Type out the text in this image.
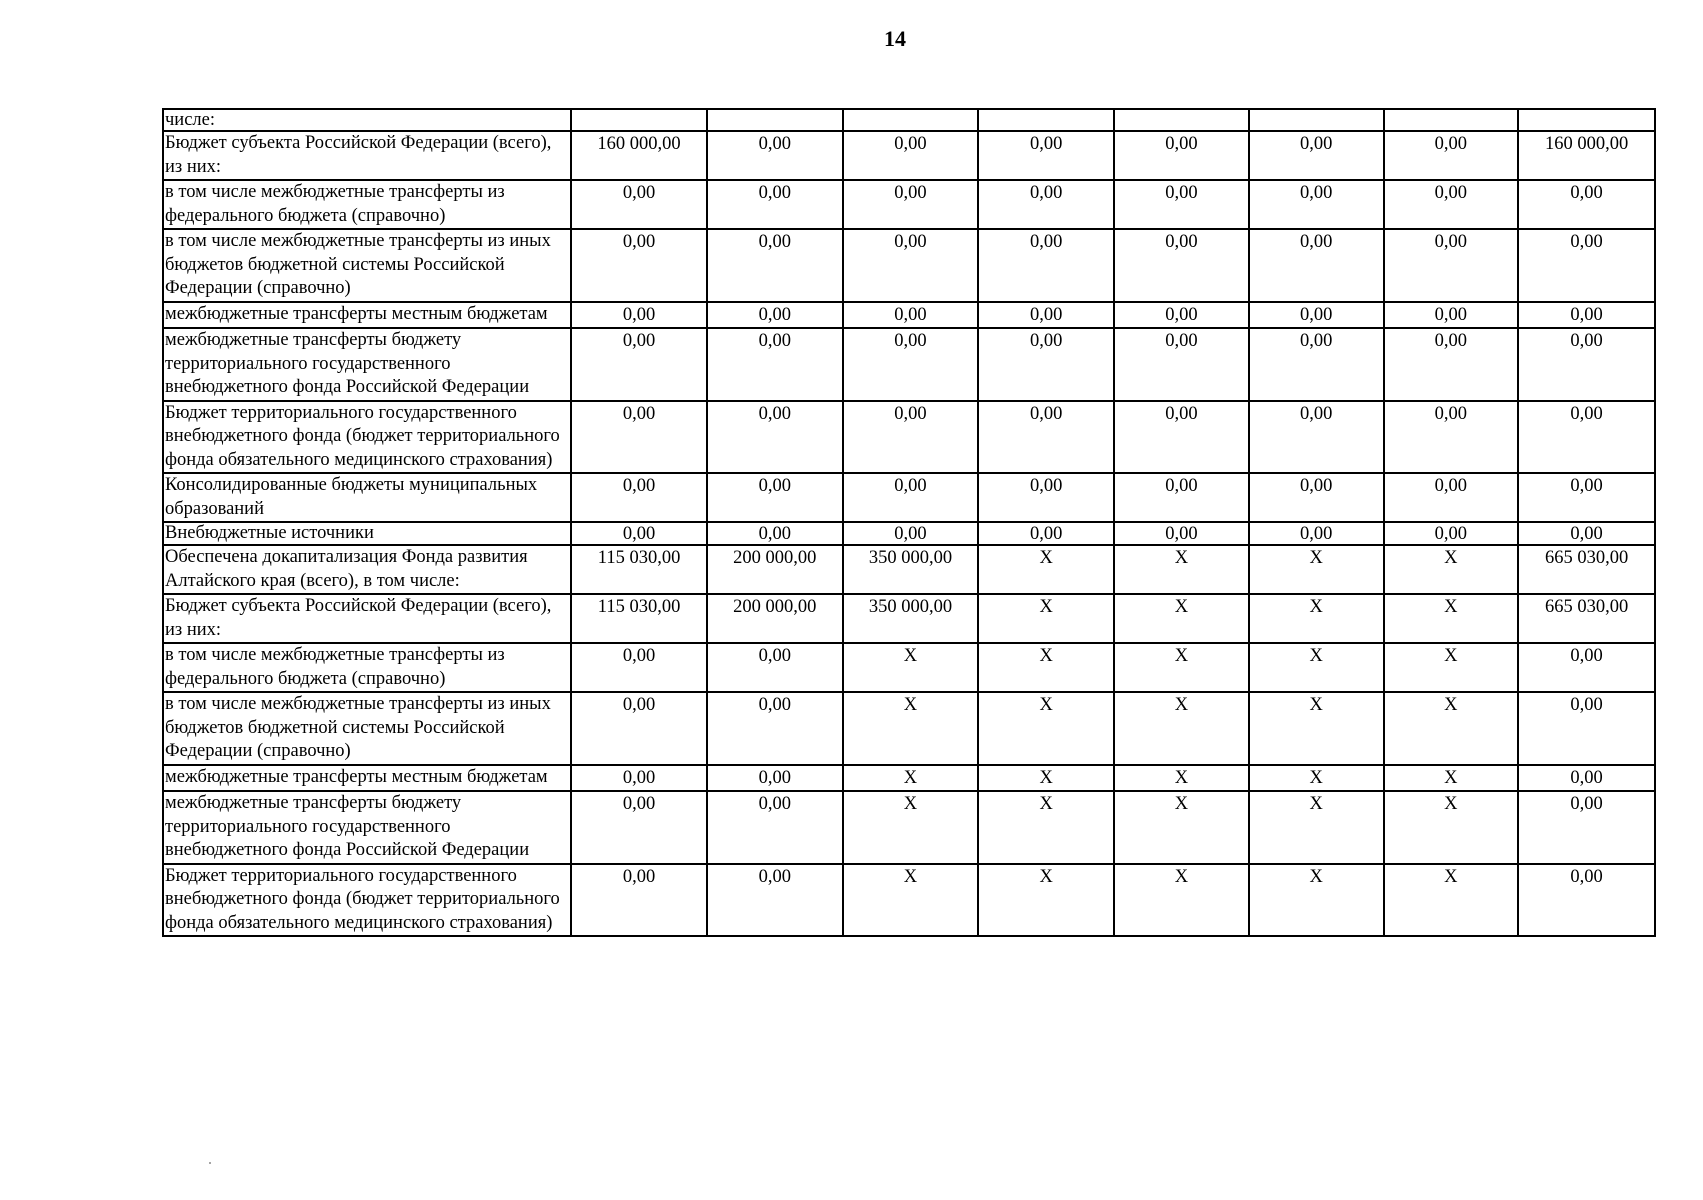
14
числе:								
Бюджет субъекта Российской Федерации (всего), из них:	160 000,00	0,00	0,00	0,00	0,00	0,00	0,00	160 000,00
в том числе межбюджетные трансферты из федерального бюджета (справочно)	0,00	0,00	0,00	0,00	0,00	0,00	0,00	0,00
в том числе межбюджетные трансферты из иных бюджетов бюджетной системы Российской Федерации (справочно)	0,00	0,00	0,00	0,00	0,00	0,00	0,00	0,00
межбюджетные трансферты местным бюджетам	0,00	0,00	0,00	0,00	0,00	0,00	0,00	0,00
межбюджетные трансферты бюджету территориального государственного внебюджетного фонда Российской Федерации	0,00	0,00	0,00	0,00	0,00	0,00	0,00	0,00
Бюджет территориального государственного внебюджетного фонда (бюджет территориального фонда обязательного медицинского страхования)	0,00	0,00	0,00	0,00	0,00	0,00	0,00	0,00
Консолидированные бюджеты муниципальных образований	0,00	0,00	0,00	0,00	0,00	0,00	0,00	0,00
Внебюджетные источники	0,00	0,00	0,00	0,00	0,00	0,00	0,00	0,00
Обеспечена докапитализация Фонда развития Алтайского края (всего), в том числе:	115 030,00	200 000,00	350 000,00	X	X	X	X	665 030,00
Бюджет субъекта Российской Федерации (всего), из них:	115 030,00	200 000,00	350 000,00	X	X	X	X	665 030,00
в том числе межбюджетные трансферты из федерального бюджета (справочно)	0,00	0,00	X	X	X	X	X	0,00
в том числе межбюджетные трансферты из иных бюджетов бюджетной системы Российской Федерации (справочно)	0,00	0,00	X	X	X	X	X	0,00
межбюджетные трансферты местным бюджетам	0,00	0,00	X	X	X	X	X	0,00
межбюджетные трансферты бюджету территориального государственного внебюджетного фонда Российской Федерации	0,00	0,00	X	X	X	X	X	0,00
Бюджет территориального государственного внебюджетного фонда (бюджет территориального фонда обязательного медицинского страхования)	0,00	0,00	X	X	X	X	X	0,00
